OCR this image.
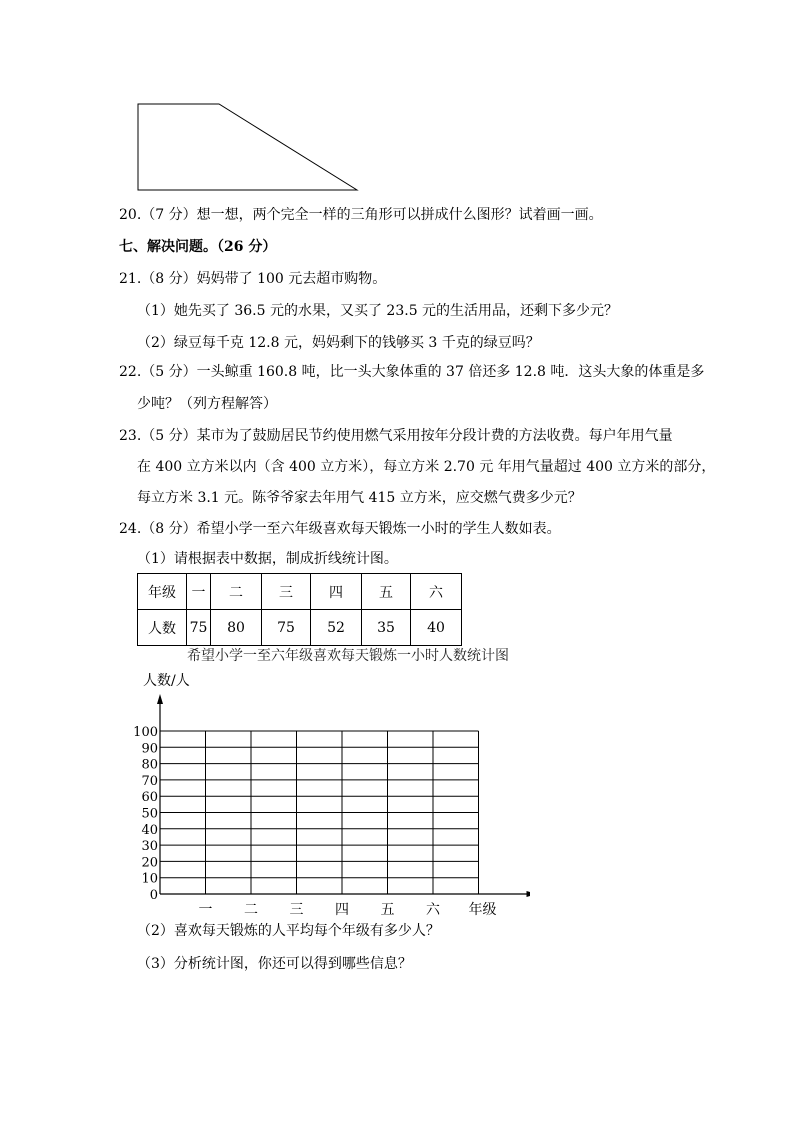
20.（7 分）想一想，两个完全一样的三角形可以拼成什么图形？试着画一画。
七、解决问题。（26 分）
21.（8 分）妈妈带了 100 元去超市购物。
（1）她先买了 36.5 元的水果，又买了 23.5 元的生活用品，还剩下多少元？
（2）绿豆每千克 12.8 元，妈妈剩下的钱够买 3 千克的绿豆吗？
22.（5 分）一头鲸重 160.8 吨，比一头大象体重的 37 倍还多 12.8 吨．这头大象的体重是多
少吨？（列方程解答）
23.（5 分）某市为了鼓励居民节约使用燃气采用按年分段计费的方法收费。每户年用气量
在 400 立方米以内（含 400 立方米），每立方米 2.70 元 年用气量超过 400 立方米的部分，
每立方米 3.1 元。陈爷爷家去年用气 415 立方米，应交燃气费多少元？
24.（8 分）希望小学一至六年级喜欢每天锻炼一小时的学生人数如表。
（1）请根据表中数据，制成折线统计图。
年级	一	二	三	四	五	六
人数	75	80	75	52	35	40
希望小学一至六年级喜欢每天锻炼一小时人数统计图
人数/人
0
10
20
30
40
50
60
70
80
90
100
一 二 三 四 五 六 年级
（2）喜欢每天锻炼的人平均每个年级有多少人？
（3）分析统计图，你还可以得到哪些信息？
